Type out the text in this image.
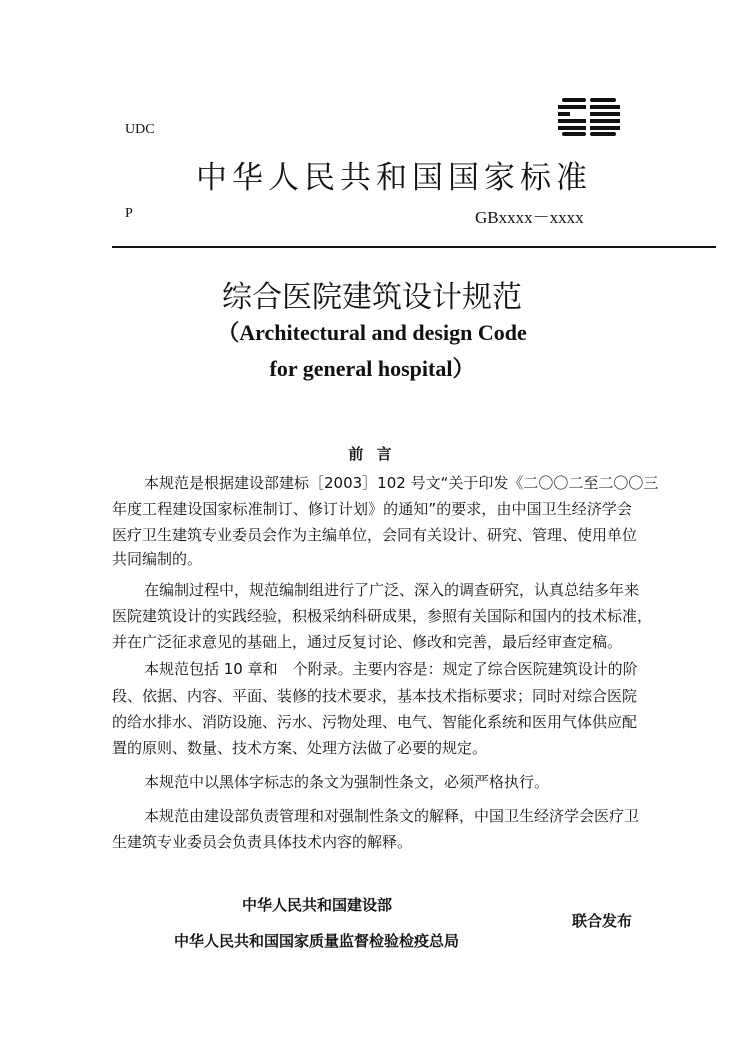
UDC
中华人民共和国国家标准
P	GBxxxx－xxxx
综合医院建筑设计规范
（Architectural and design Code
for general hospital）
前 言
本规范是根据建设部建标［2003］102 号文“关于印发《二〇〇二至二〇〇三
年度工程建设国家标准制订、修订计划》的通知”的要求，由中国卫生经济学会
医疗卫生建筑专业委员会作为主编单位，会同有关设计、研究、管理、使用单位
共同编制的。
在编制过程中，规范编制组进行了广泛、深入的调查研究，认真总结多年来
医院建筑设计的实践经验，积极采纳科研成果，参照有关国际和国内的技术标准，
并在广泛征求意见的基础上，通过反复讨论、修改和完善，最后经审查定稿。
本规范包括 10 章和　个附录。主要内容是：规定了综合医院建筑设计的阶
段、依据、内容、平面、装修的技术要求，基本技术指标要求；同时对综合医院
的给水排水、消防设施、污水、污物处理、电气、智能化系统和医用气体供应配
置的原则、数量、技术方案、处理方法做了必要的规定。
本规范中以黑体字标志的条文为强制性条文，必须严格执行。
本规范由建设部负责管理和对强制性条文的解释，中国卫生经济学会医疗卫
生建筑专业委员会负责具体技术内容的解释。
中华人民共和国建设部
中华人民共和国国家质量监督检验检疫总局
联合发布
